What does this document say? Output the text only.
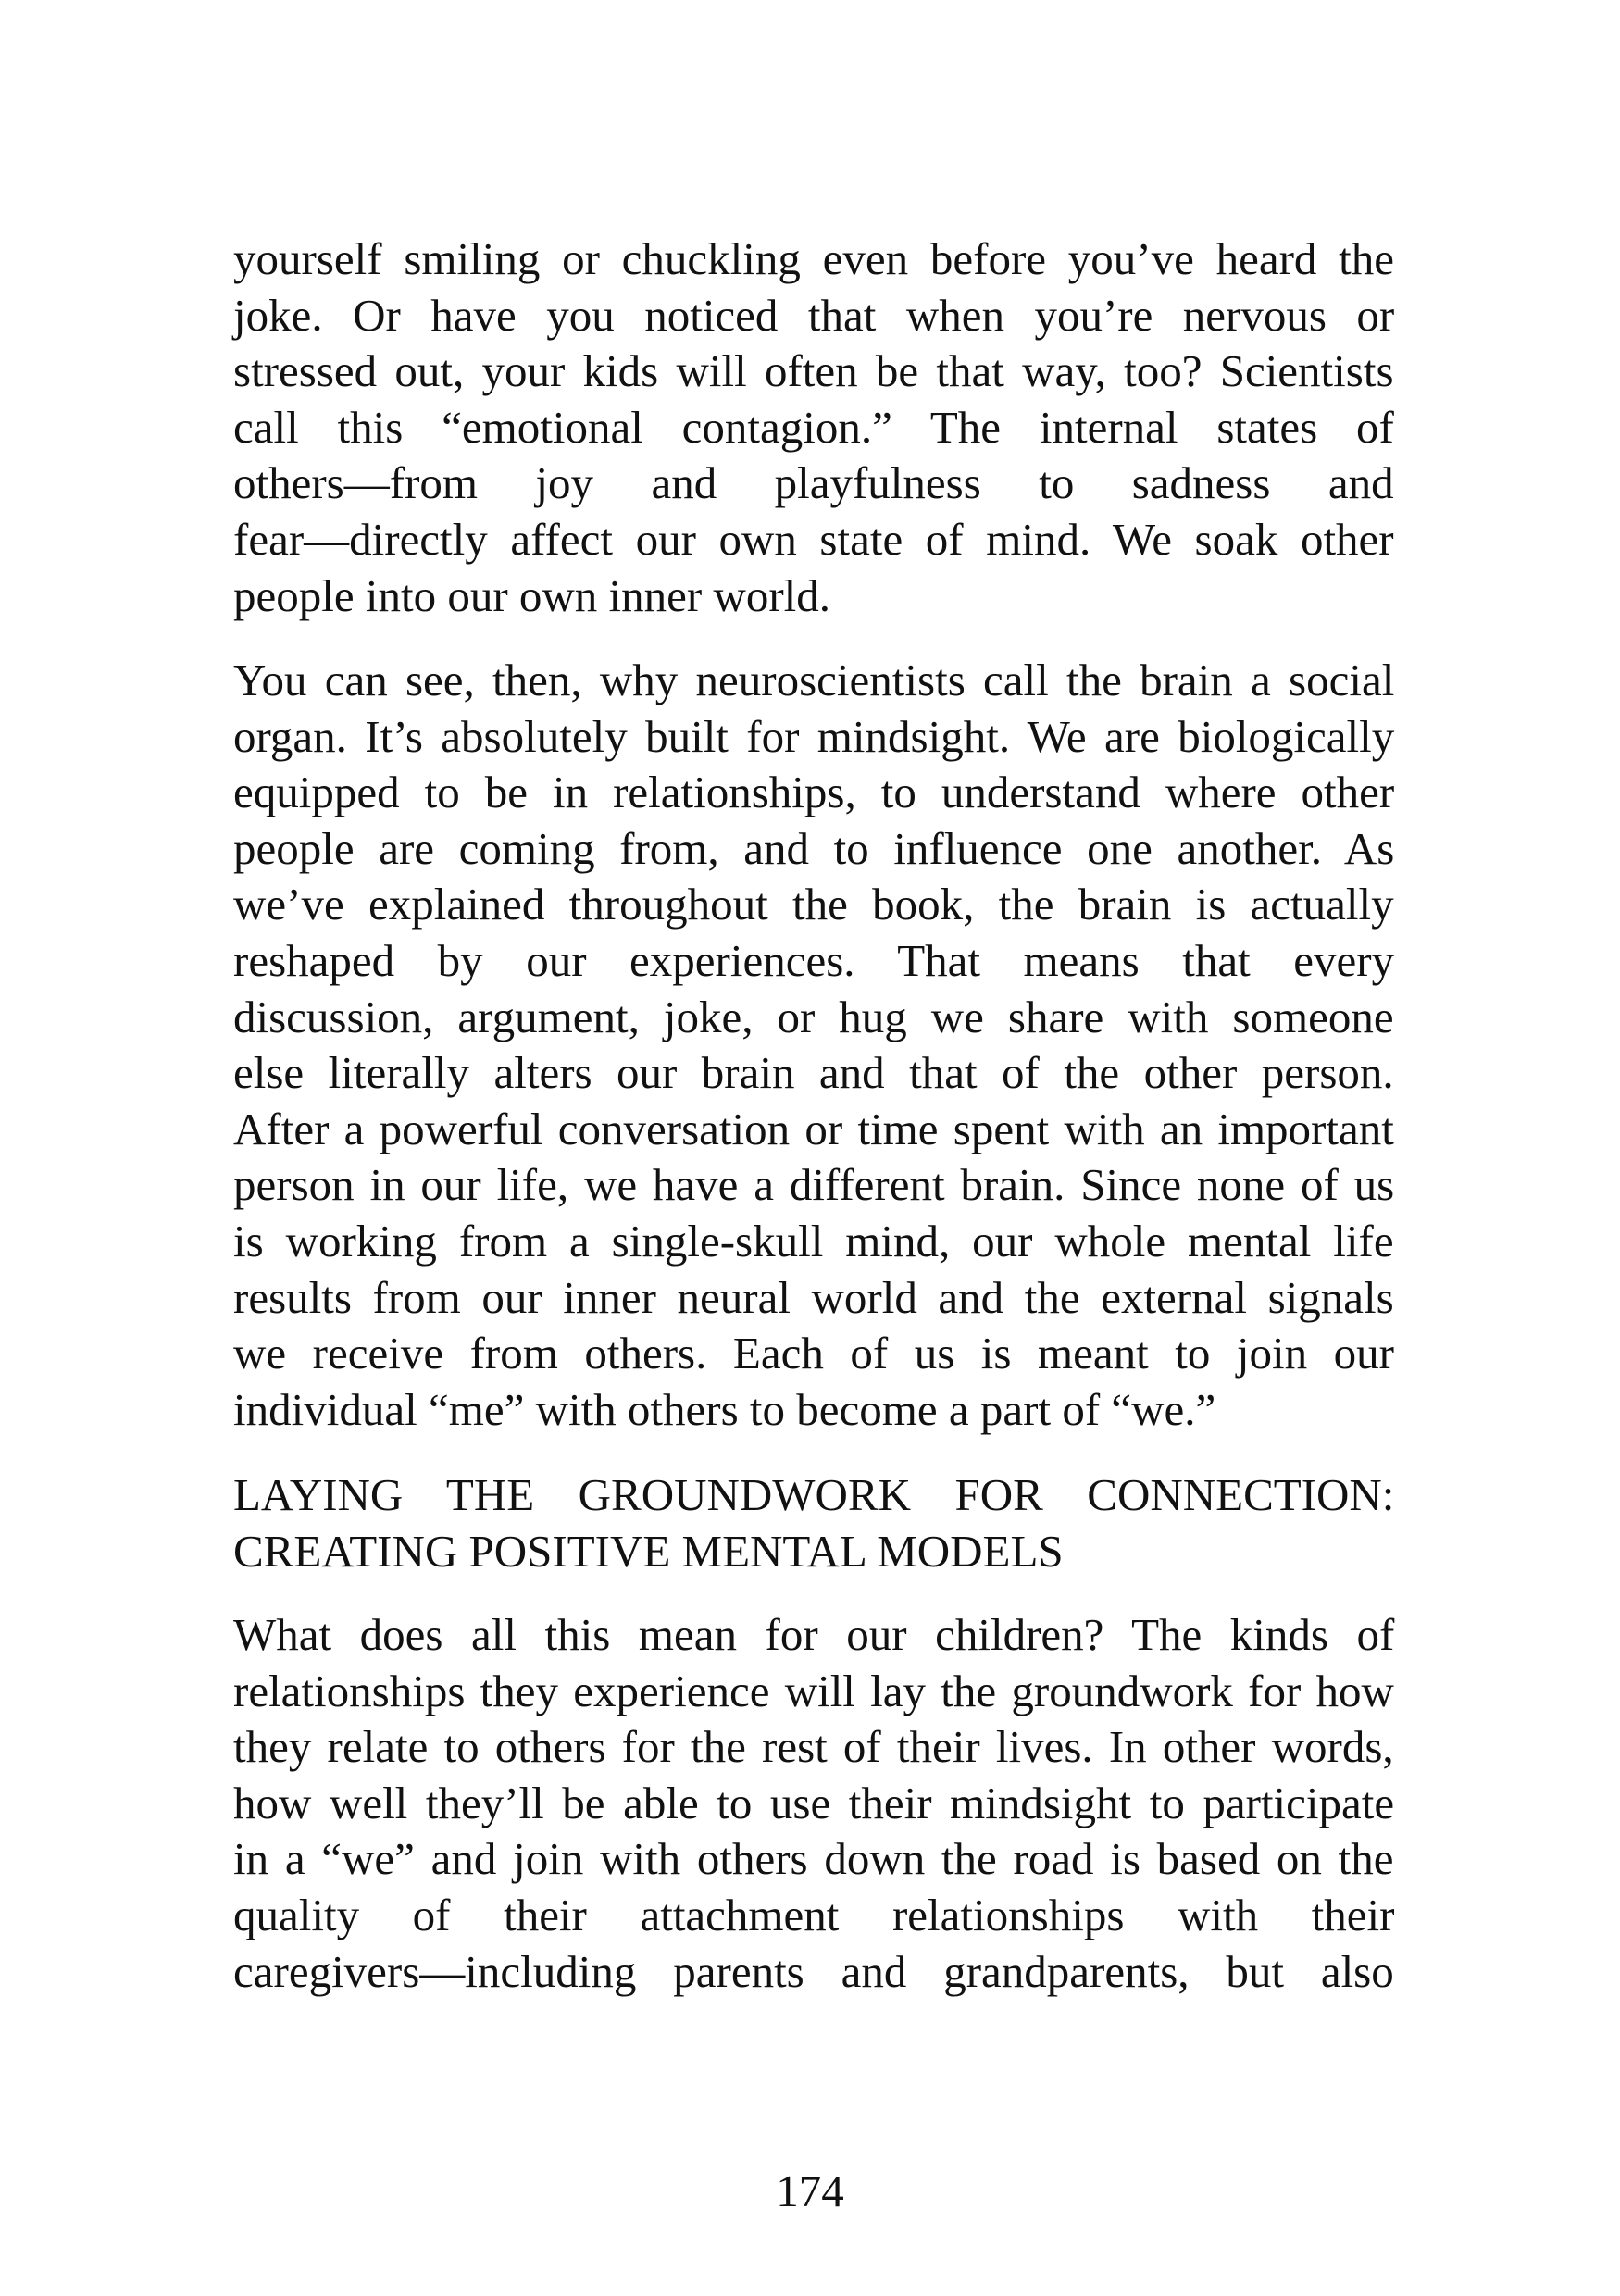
yourself smiling or chuckling even before you’ve heard the
joke. Or have you noticed that when you’re nervous or
stressed out, your kids will often be that way, too? Scientists
call this “emotional contagion.” The internal states of
others—from joy and playfulness to sadness and
fear—directly affect our own state of mind. We soak other
people into our own inner world.
You can see, then, why neuroscientists call the brain a social
organ. It’s absolutely built for mindsight. We are biologically
equipped to be in relationships, to understand where other
people are coming from, and to influence one another. As
we’ve explained throughout the book, the brain is actually
reshaped by our experiences. That means that every
discussion, argument, joke, or hug we share with someone
else literally alters our brain and that of the other person.
After a powerful conversation or time spent with an important
person in our life, we have a different brain. Since none of us
is working from a single-skull mind, our whole mental life
results from our inner neural world and the external signals
we receive from others. Each of us is meant to join our
individual “me” with others to become a part of “we.”
LAYING THE GROUNDWORK FOR CONNECTION:
CREATING POSITIVE MENTAL MODELS
What does all this mean for our children? The kinds of
relationships they experience will lay the groundwork for how
they relate to others for the rest of their lives. In other words,
how well they’ll be able to use their mindsight to participate
in a “we” and join with others down the road is based on the
quality of their attachment relationships with their
caregivers—including parents and grandparents, but also
174
